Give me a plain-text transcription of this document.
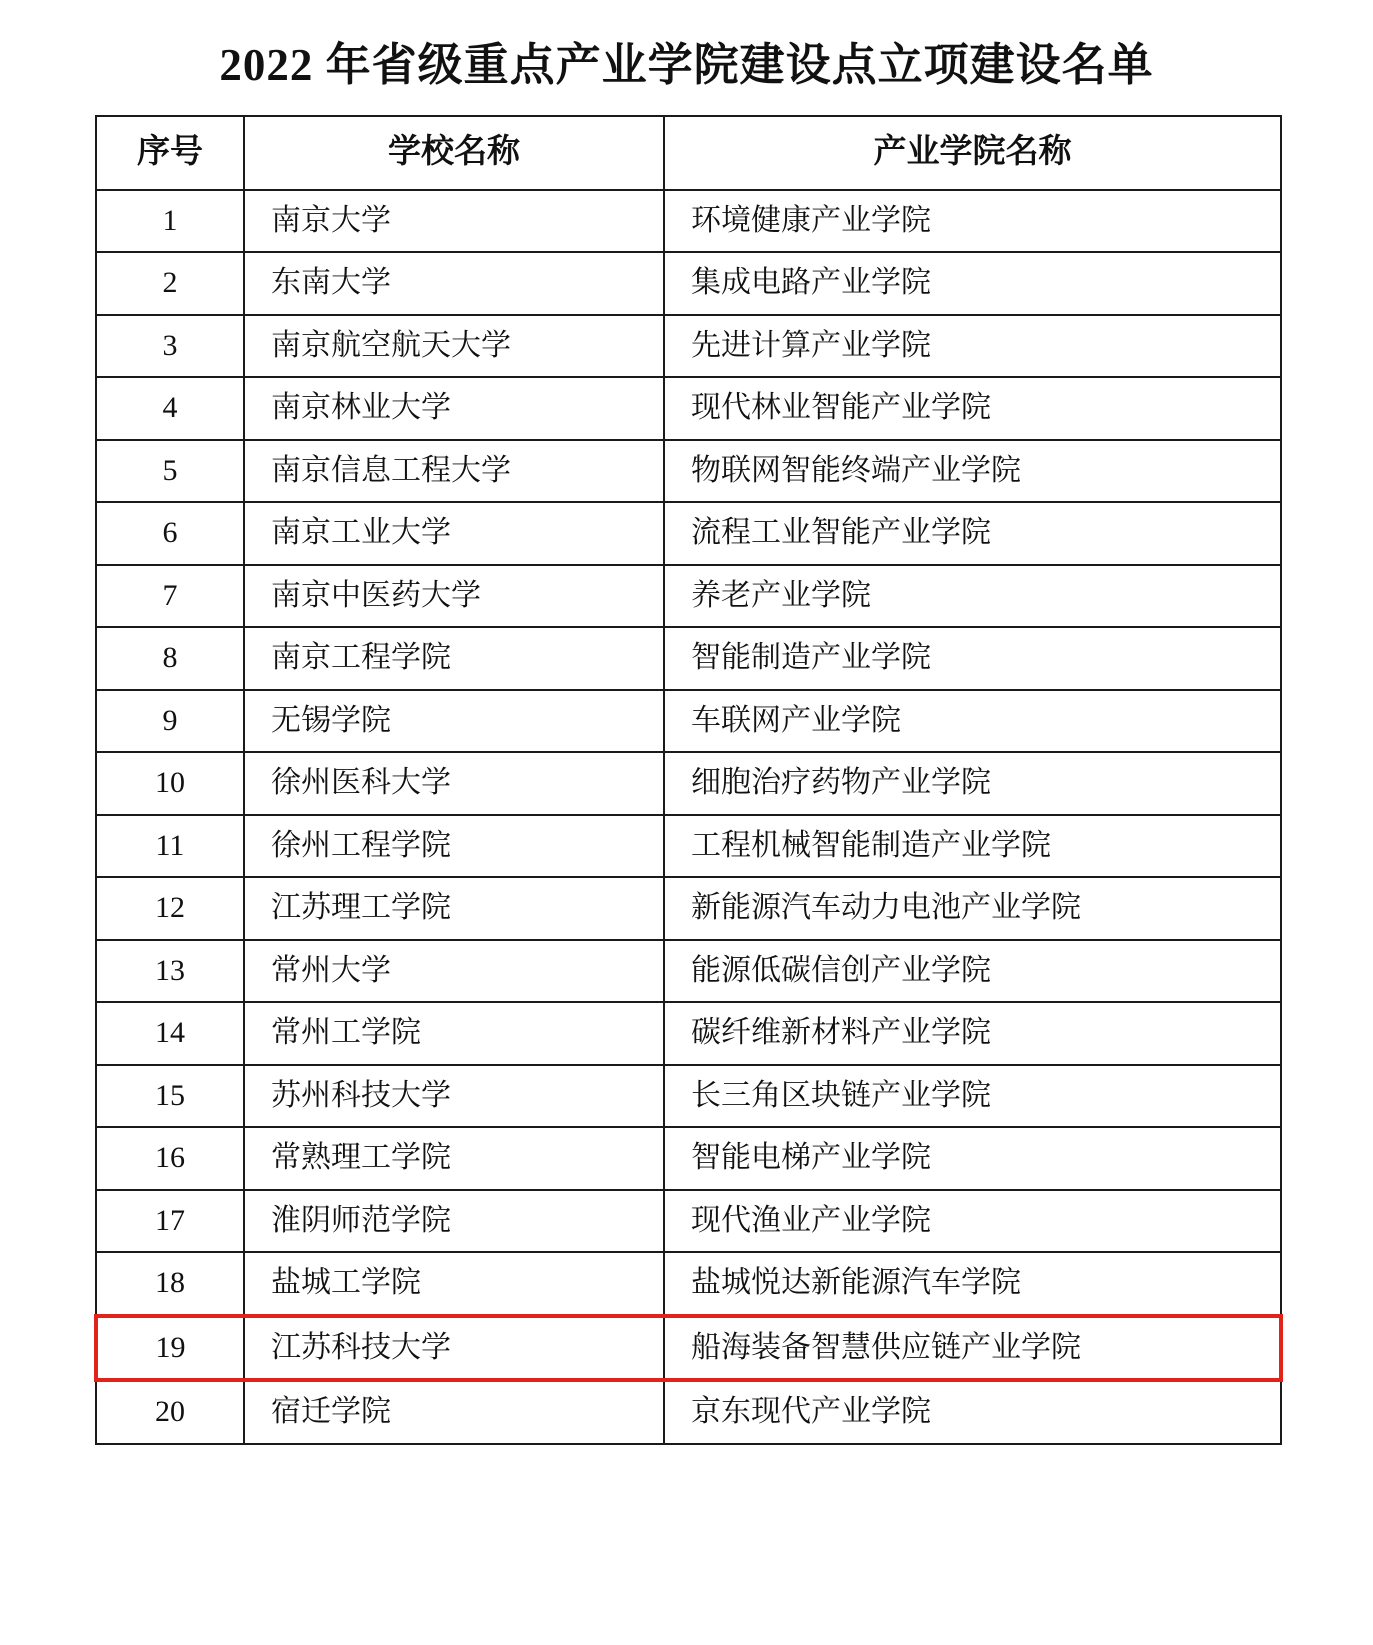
2022 年省级重点产业学院建设点立项建设名单
序号	学校名称	产业学院名称
1	南京大学	环境健康产业学院
2	东南大学	集成电路产业学院
3	南京航空航天大学	先进计算产业学院
4	南京林业大学	现代林业智能产业学院
5	南京信息工程大学	物联网智能终端产业学院
6	南京工业大学	流程工业智能产业学院
7	南京中医药大学	养老产业学院
8	南京工程学院	智能制造产业学院
9	无锡学院	车联网产业学院
10	徐州医科大学	细胞治疗药物产业学院
11	徐州工程学院	工程机械智能制造产业学院
12	江苏理工学院	新能源汽车动力电池产业学院
13	常州大学	能源低碳信创产业学院
14	常州工学院	碳纤维新材料产业学院
15	苏州科技大学	长三角区块链产业学院
16	常熟理工学院	智能电梯产业学院
17	淮阴师范学院	现代渔业产业学院
18	盐城工学院	盐城悦达新能源汽车学院
19	江苏科技大学	船海装备智慧供应链产业学院
20	宿迁学院	京东现代产业学院
